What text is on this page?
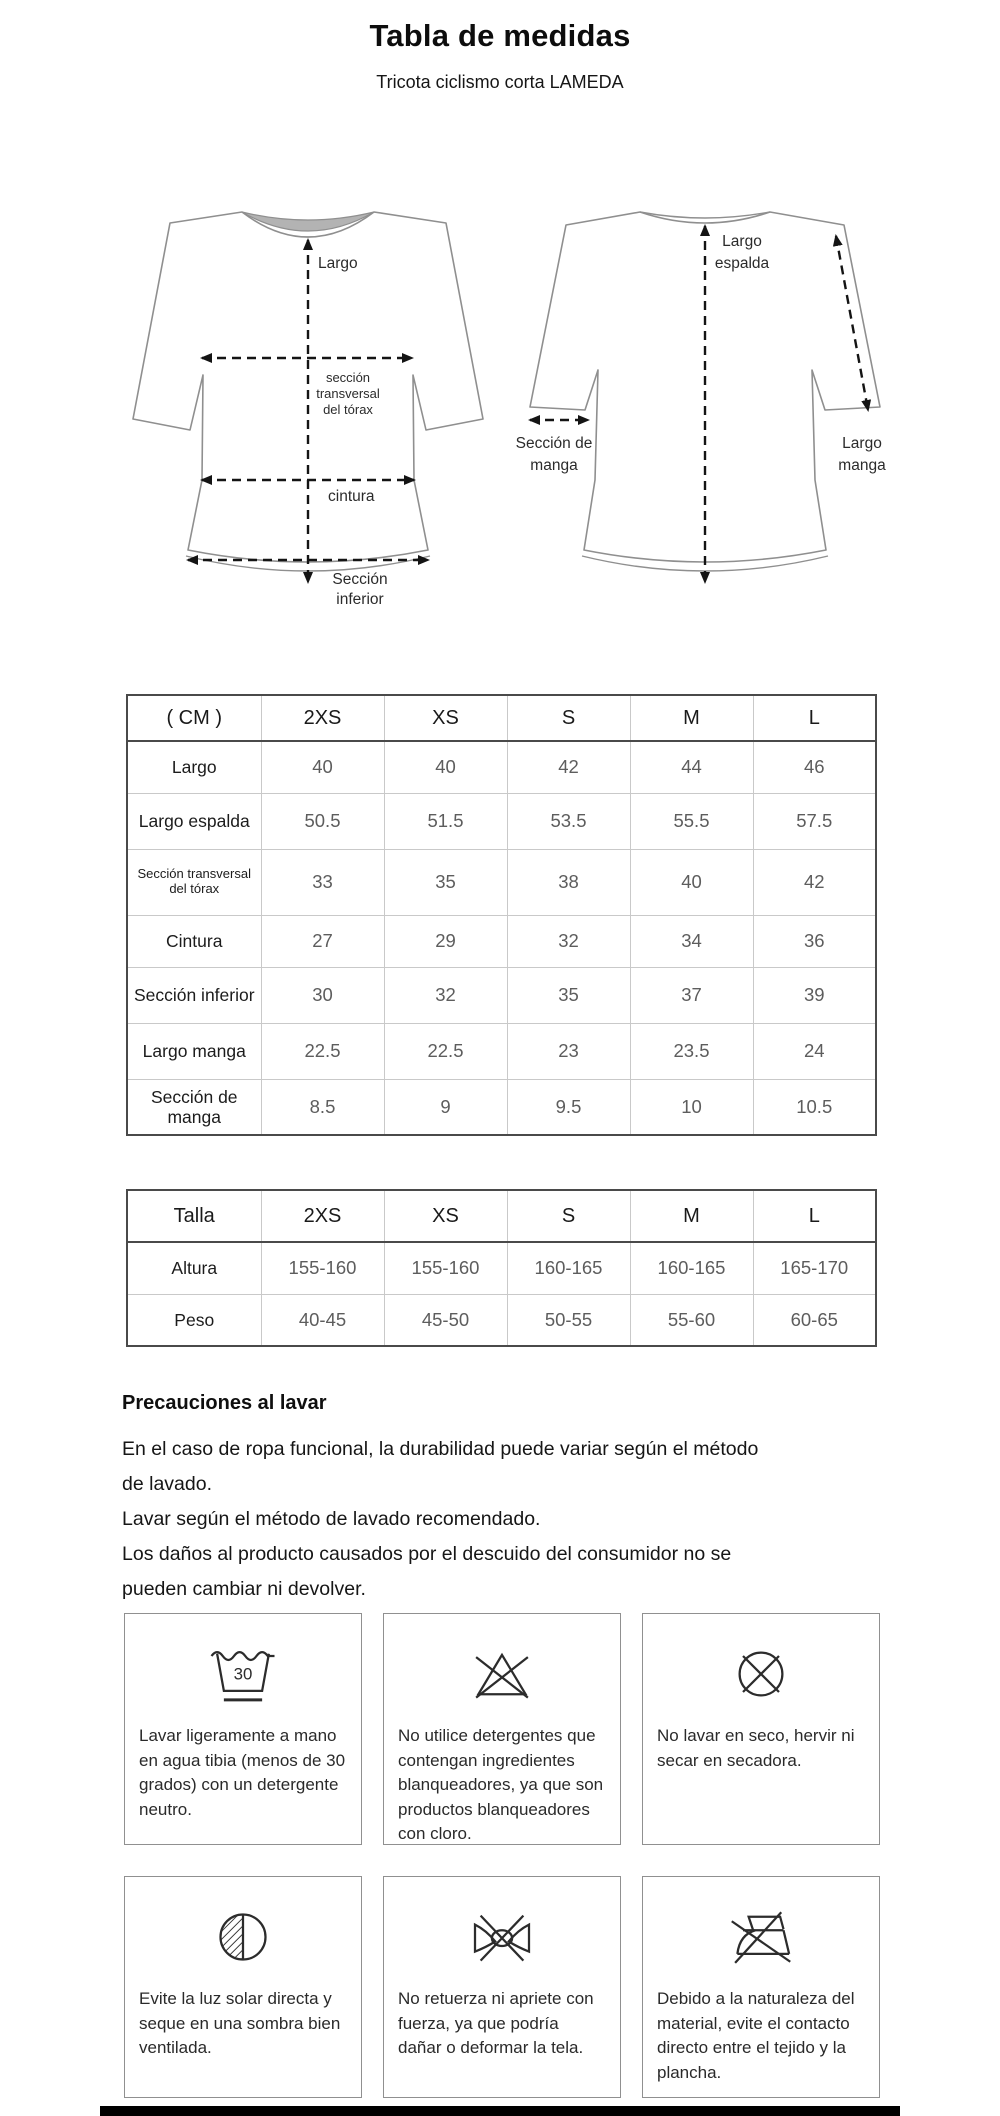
Tabla de medidas
Tricota ciclismo corta LAMEDA
Largo
sección
transversal
del tórax
cintura
Sección
inferior
Largo
espalda
Sección de
manga
Largo
manga
( CM )	2XS	XS	S	M	L
Largo	40	40	42	44	46
Largo espalda	50.5	51.5	53.5	55.5	57.5
Sección transversal del tórax	33	35	38	40	42
Cintura	27	29	32	34	36
Sección inferior	30	32	35	37	39
Largo manga	22.5	22.5	23	23.5	24
Sección de manga	8.5	9	9.5	10	10.5
Talla	2XS	XS	S	M	L
Altura	155-160	155-160	160-165	160-165	165-170
Peso	40-45	45-50	50-55	55-60	60-65
Precauciones al lavar

En el caso de ropa funcional, la durabilidad puede variar según el método de lavado.

Lavar según el método de lavado recomendado.

Los daños al producto causados por el descuido del consumidor no se pueden cambiar ni devolver.

30
Lavar ligeramente a mano en agua tibia (menos de 30 grados) con un detergente neutro.
No utilice detergentes que contengan ingredientes blanqueadores, ya que son productos blanqueadores con cloro.
No lavar en seco, hervir ni secar en secadora.
Evite la luz solar directa y seque en una sombra bien ventilada.
No retuerza ni apriete con fuerza, ya que podría dañar o deformar la tela.
Debido a la naturaleza del material, evite el contacto directo entre el tejido y la plancha.
